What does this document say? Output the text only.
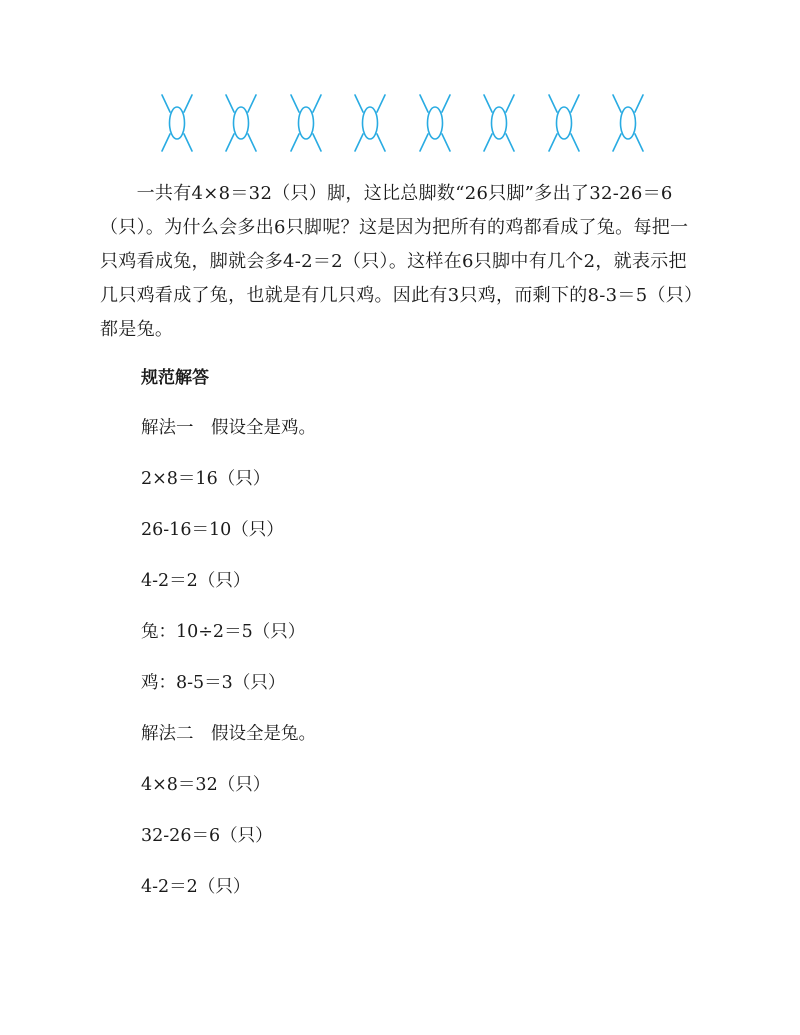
　　一共有4×8＝32（只）脚，这比总脚数“26只脚”多出了32-26＝6（只）。为什么会多出6只脚呢？这是因为把所有的鸡都看成了兔。每把一只鸡看成兔，脚就会多4-2＝2（只）。这样在6只脚中有几个2，就表示把几只鸡看成了兔，也就是有几只鸡。因此有3只鸡，而剩下的8-3＝5（只）都是兔。

规范解答
解法一　假设全是鸡。
2×8＝16（只）
26-16＝10（只）
4-2＝2（只）
兔：10÷2＝5（只）
鸡：8-5＝3（只）
解法二　假设全是兔。
4×8＝32（只）
32-26＝6（只）
4-2＝2（只）
